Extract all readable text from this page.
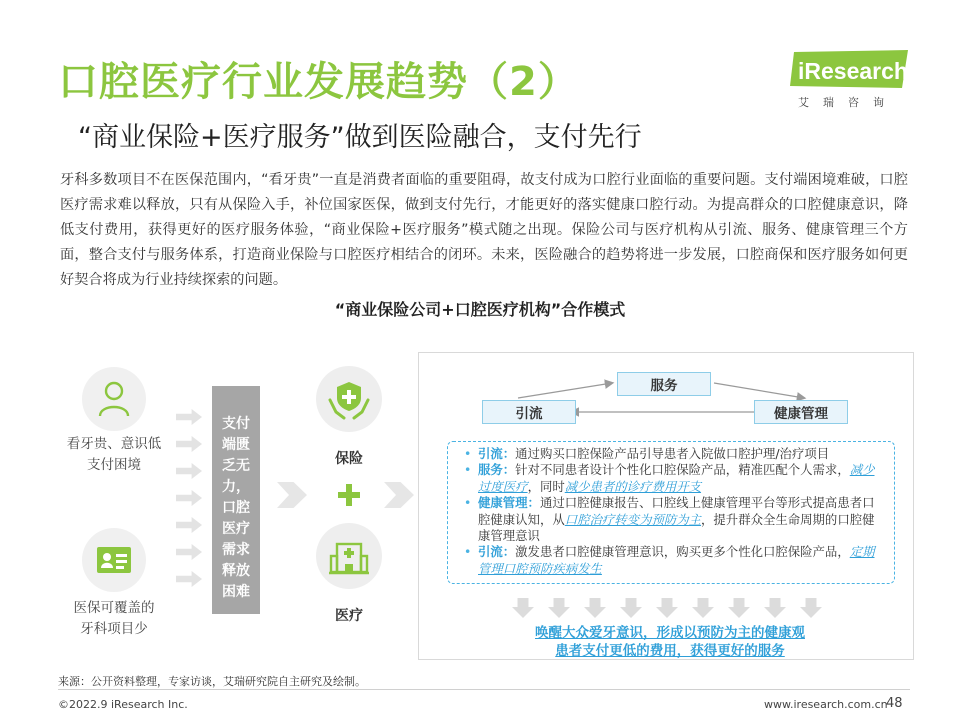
口腔医疗行业发展趋势（2）
“商业保险+医疗服务”做到医险融合，支付先行
iResearch
艾瑞咨询
牙科多数项目不在医保范围内，“看牙贵”一直是消费者面临的重要阻碍，故支付成为口腔行业面临的重要问题。支付端困境难破，口腔医疗需求难以释放，只有从保险入手，补位国家医保，做到支付先行，才能更好的落实健康口腔行动。为提高群众的口腔健康意识，降低支付费用，获得更好的医疗服务体验，“商业保险+医疗服务”模式随之出现。保险公司与医疗机构从引流、服务、健康管理三个方面，整合支付与服务体系，打造商业保险与口腔医疗相结合的闭环。未来，医险融合的趋势将进一步发展，口腔商保和医疗服务如何更好契合将成为行业持续探索的问题。
“商业保险公司+口腔医疗机构”合作模式
看牙贵、意识低
支付困境
医保可覆盖的
牙科项目少
支付
端匮
乏无
力，
口腔
医疗
需求
释放
困难
保险
医疗
服务
引流	健康管理
• 引流：通过购买口腔保险产品引导患者入院做口腔护理/治疗项目
• 服务：针对不同患者设计个性化口腔保险产品，精准匹配个人需求，减少过度医疗，同时减少患者的诊疗费用开支
• 健康管理：通过口腔健康报告、口腔线上健康管理平台等形式提高患者口腔健康认知，从口腔治疗转变为预防为主，提升群众全生命周期的口腔健康管理意识
• 引流：激发患者口腔健康管理意识，购买更多个性化口腔保险产品，定期管理口腔预防疾病发生
唤醒大众爱牙意识，形成以预防为主的健康观
患者支付更低的费用，获得更好的服务
来源：公开资料整理，专家访谈，艾瑞研究院自主研究及绘制。
©2022.9 iResearch Inc.	www.iresearch.com.cn
48
